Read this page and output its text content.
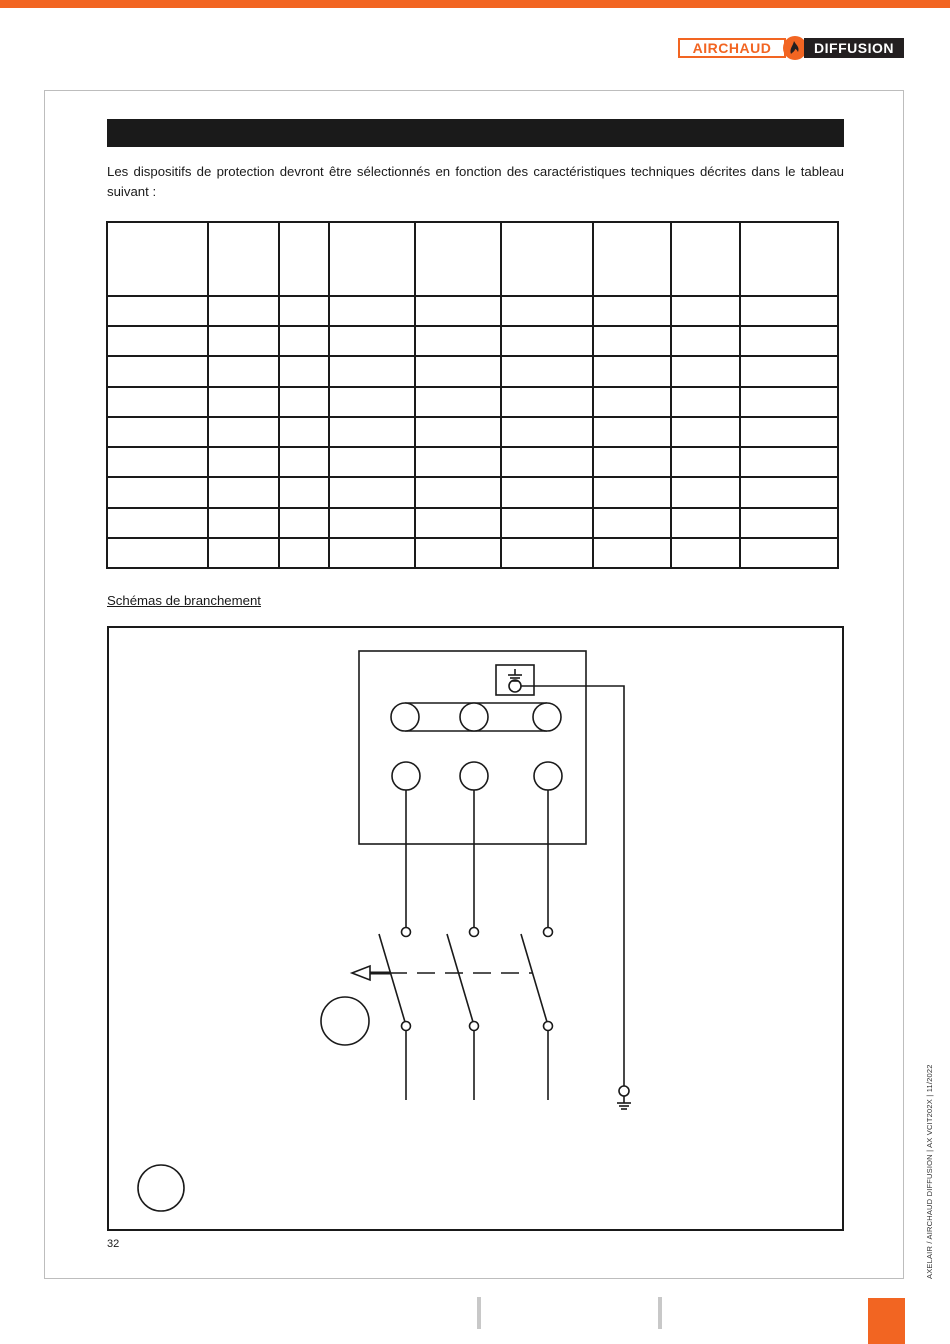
AIRCHAUD	DIFFUSION

Les dispositifs de protection devront être sélectionnés en fonction des caractéristiques techniques décrites dans le tableau suivant :

Schémas de branchement

32	AXELAIR / AIRCHAUD DIFFUSION | AX VCIT202X | 11/2022
